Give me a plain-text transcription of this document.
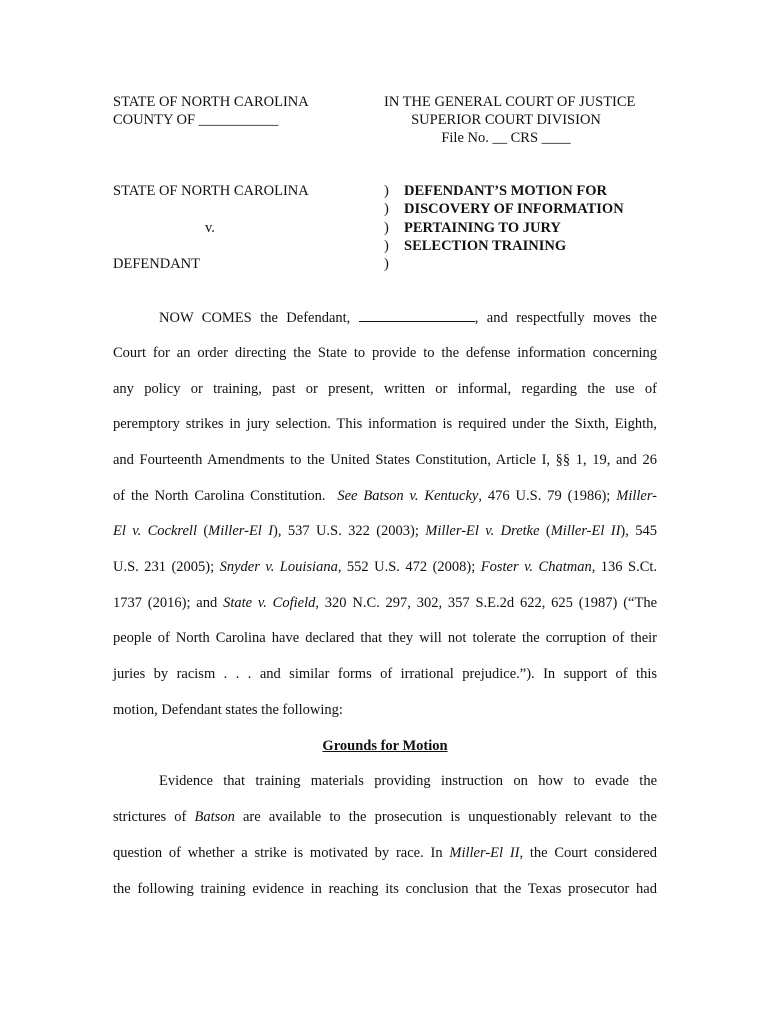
STATE OF NORTH CAROLINA
COUNTY OF ___________
IN THE GENERAL COURT OF JUSTICE
SUPERIOR COURT DIVISION
File No. __ CRS ____
STATE OF NORTH CAROLINA
v.
DEFENDANT
)
)
)
)
)
DEFENDANT’S MOTION FOR
DISCOVERY OF INFORMATION
PERTAINING TO JURY
SELECTION TRAINING
NOW COMES the Defendant,	, and respectfully moves the
Court for an order directing the State to provide to the defense information concerning
any policy or training, past or present, written or informal, regarding the use of
peremptory strikes in jury selection. This information is required under the Sixth, Eighth,
and Fourteenth Amendments to the United States Constitution, Article I, §§ 1, 19, and 26
of the North Carolina Constitution. See Batson v. Kentucky, 476 U.S. 79 (1986); Miller-
El v. Cockrell (Miller-El I), 537 U.S. 322 (2003); Miller-El v. Dretke (Miller-El II), 545
U.S. 231 (2005); Snyder v. Louisiana, 552 U.S. 472 (2008); Foster v. Chatman, 136 S.Ct.
1737 (2016); and State v. Cofield, 320 N.C. 297, 302, 357 S.E.2d 622, 625 (1987) (“The
people of North Carolina have declared that they will not tolerate the corruption of their
juries by racism . . . and similar forms of irrational prejudice.”). In support of this
motion, Defendant states the following:
Grounds for Motion
Evidence that training materials providing instruction on how to evade the
strictures of Batson are available to the prosecution is unquestionably relevant to the
question of whether a strike is motivated by race. In Miller-El II, the Court considered
the following training evidence in reaching its conclusion that the Texas prosecutor had
